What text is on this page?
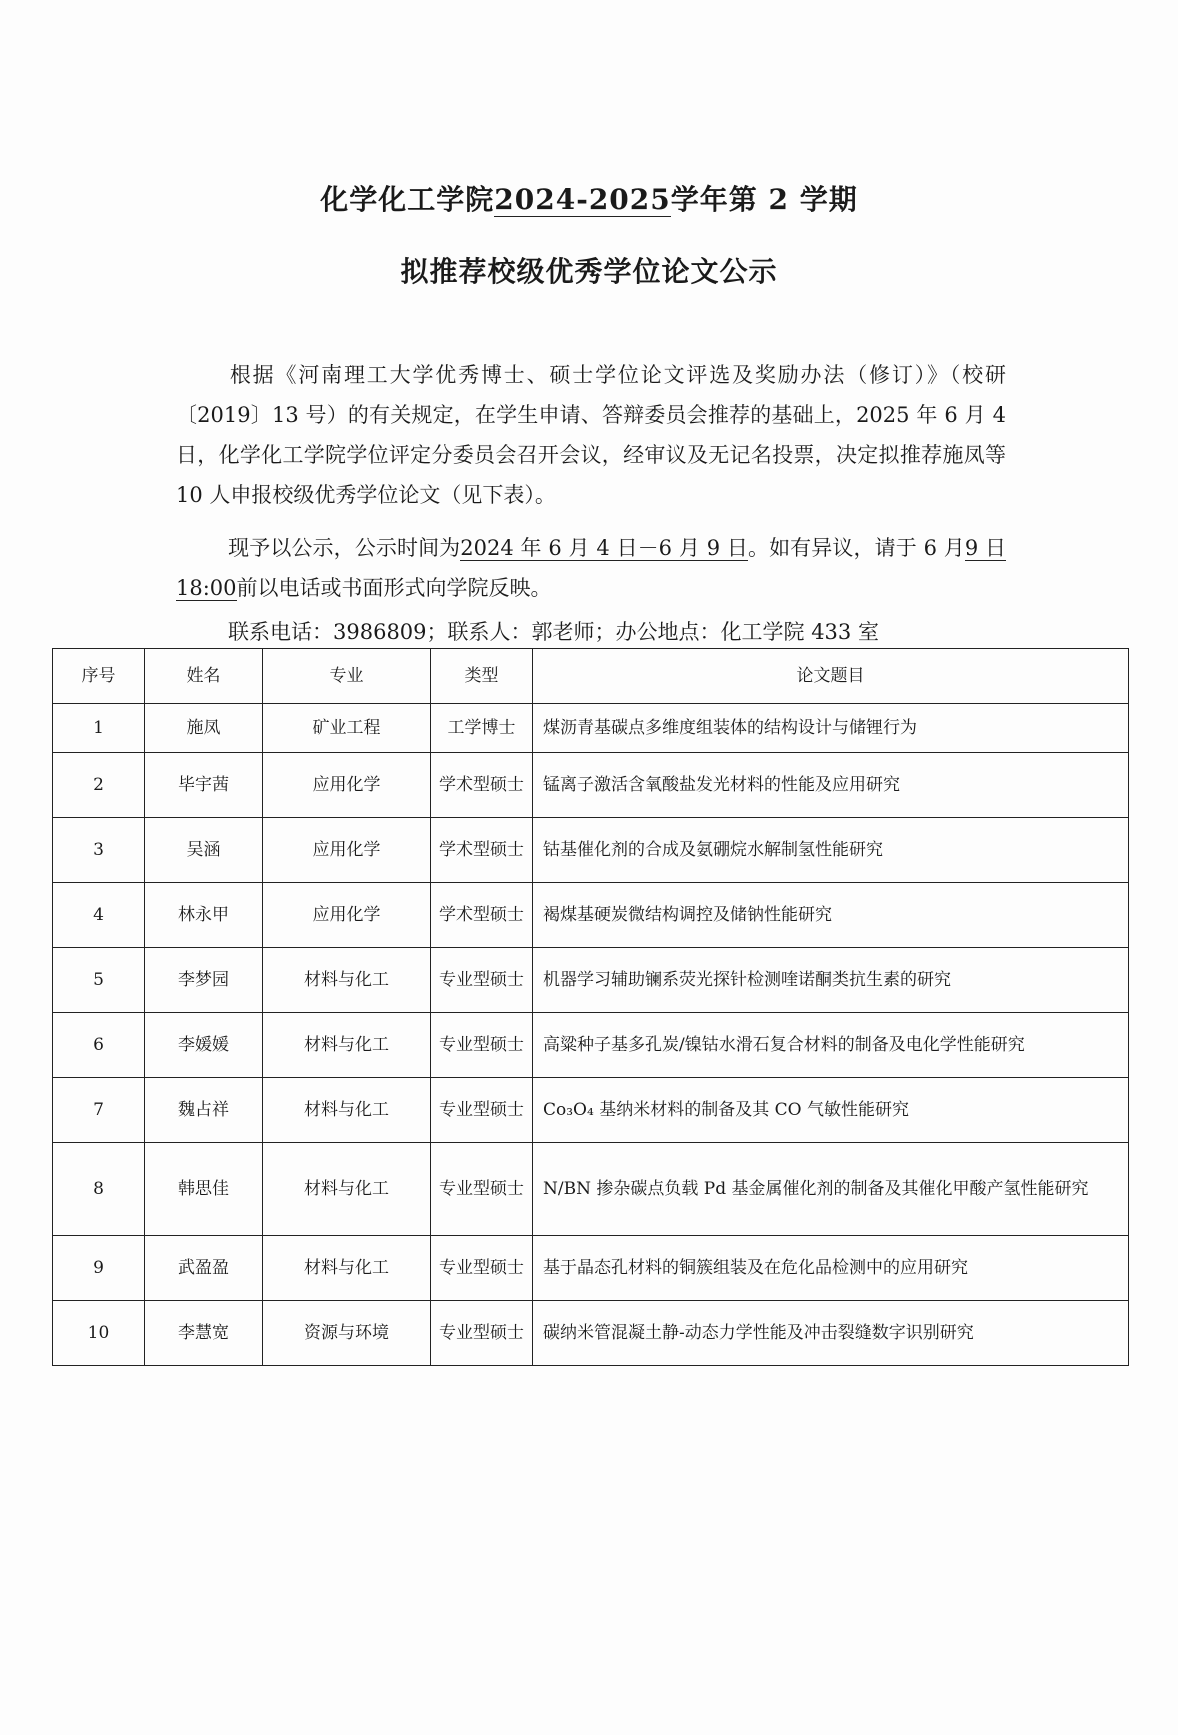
化学化工学院2024-2025学年第 2 学期
拟推荐校级优秀学位论文公示
根据《河南理工大学优秀博士、硕士学位论文评选及奖励办法（修订）》（校研〔2019〕13 号）的有关规定，在学生申请、答辩委员会推荐的基础上，2025 年 6 月 4 日，化学化工学院学位评定分委员会召开会议，经审议及无记名投票，决定拟推荐施凤等 10 人申报校级优秀学位论文（见下表）。
现予以公示，公示时间为2024 年 6 月 4 日－6 月 9 日。如有异议，请于 6 月9 日 18:00前以电话或书面形式向学院反映。
联系电话：3986809；联系人：郭老师；办公地点：化工学院 433 室
序号	姓名	专业	类型	论文题目
1	施凤	矿业工程	工学博士	煤沥青基碳点多维度组装体的结构设计与储锂行为
2	毕宇茜	应用化学	学术型硕士	锰离子激活含氧酸盐发光材料的性能及应用研究
3	吴涵	应用化学	学术型硕士	钴基催化剂的合成及氨硼烷水解制氢性能研究
4	林永甲	应用化学	学术型硕士	褐煤基硬炭微结构调控及储钠性能研究
5	李梦园	材料与化工	专业型硕士	机器学习辅助镧系荧光探针检测喹诺酮类抗生素的研究
6	李媛媛	材料与化工	专业型硕士	高粱种子基多孔炭/镍钴水滑石复合材料的制备及电化学性能研究
7	魏占祥	材料与化工	专业型硕士	Co₃O₄ 基纳米材料的制备及其 CO 气敏性能研究
8	韩思佳	材料与化工	专业型硕士	N/BN 掺杂碳点负载 Pd 基金属催化剂的制备及其催化甲酸产氢性能研究
9	武盈盈	材料与化工	专业型硕士	基于晶态孔材料的铜簇组装及在危化品检测中的应用研究
10	李慧宽	资源与环境	专业型硕士	碳纳米管混凝土静-动态力学性能及冲击裂缝数字识别研究
